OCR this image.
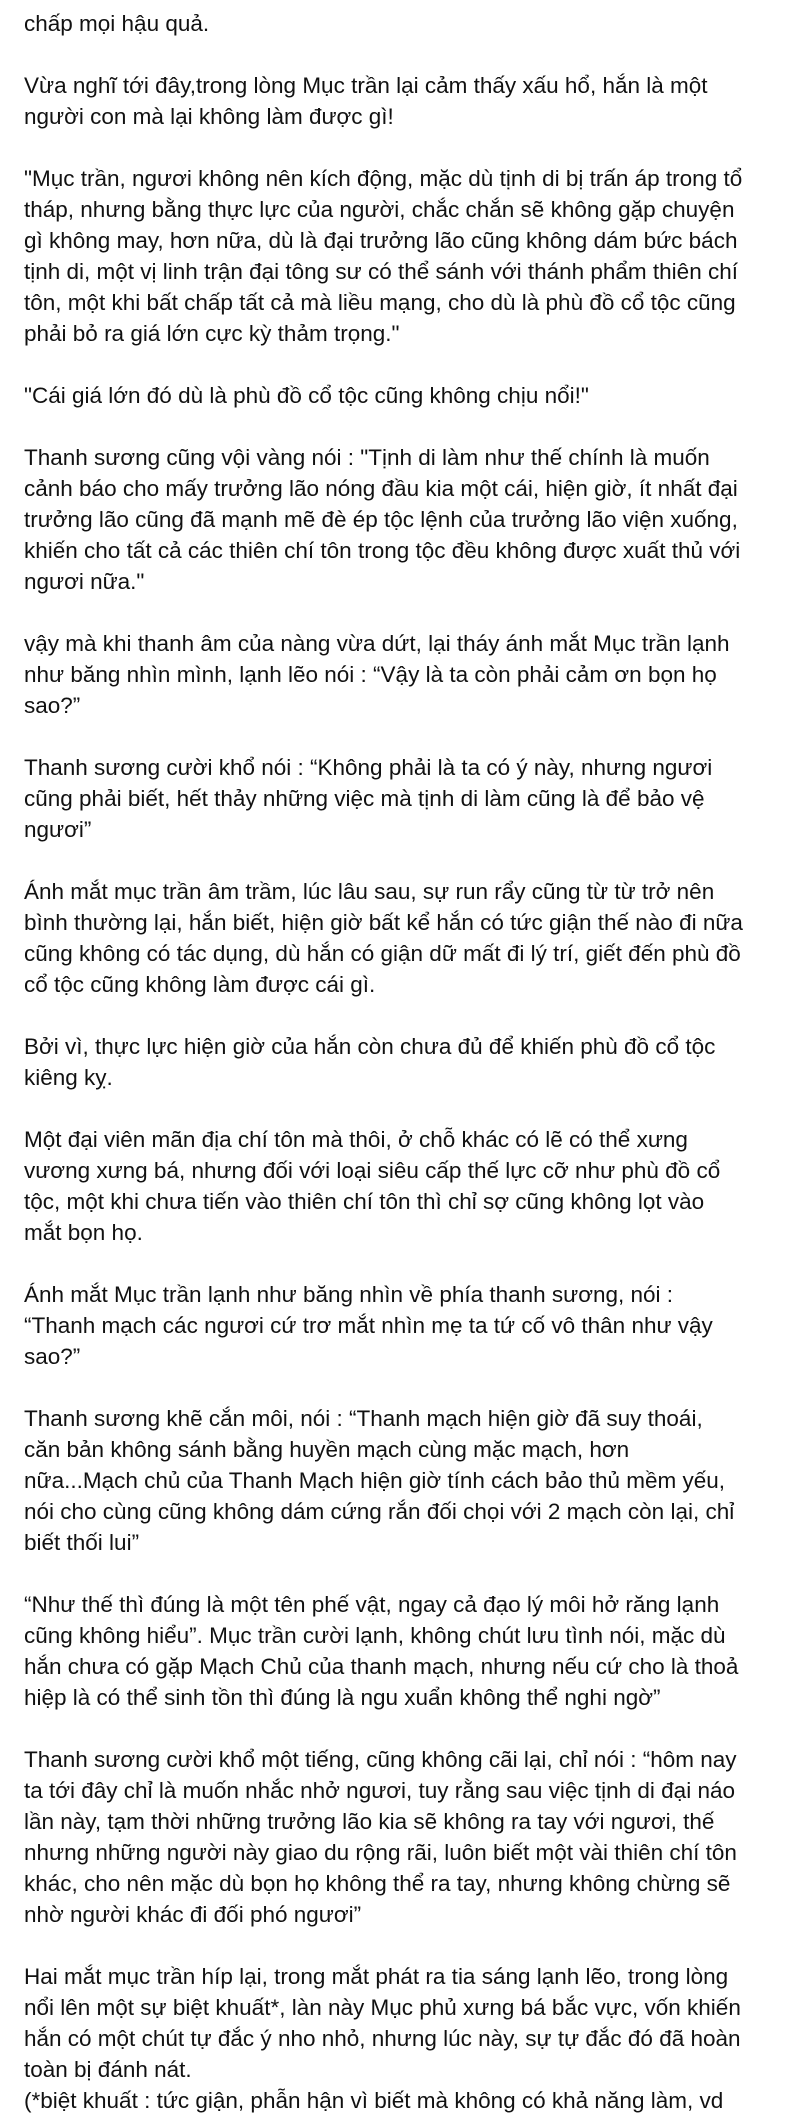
chấp mọi hậu quả.

Vừa nghĩ tới đây,trong lòng Mục trần lại cảm thấy xấu hổ, hắn là một
người con mà lại không làm được gì!

"Mục trần, ngươi không nên kích động, mặc dù tịnh di bị trấn áp trong tổ
tháp, nhưng bằng thực lực của người, chắc chắn sẽ không gặp chuyện
gì không may, hơn nữa, dù là đại trưởng lão cũng không dám bức bách
tịnh di, một vị linh trận đại tông sư có thể sánh với thánh phẩm thiên chí
tôn, một khi bất chấp tất cả mà liều mạng, cho dù là phù đồ cổ tộc cũng
phải bỏ ra giá lớn cực kỳ thảm trọng."

"Cái giá lớn đó dù là phù đồ cổ tộc cũng không chịu nổi!"

Thanh sương cũng vội vàng nói : "Tịnh di làm như thế chính là muốn
cảnh báo cho mấy trưởng lão nóng đầu kia một cái, hiện giờ, ít nhất đại
trưởng lão cũng đã mạnh mẽ đè ép tộc lệnh của trưởng lão viện xuống,
khiến cho tất cả các thiên chí tôn trong tộc đều không được xuất thủ với
ngươi nữa."

vậy mà khi thanh âm của nàng vừa dứt, lại tháy ánh mắt Mục trần lạnh
như băng nhìn mình, lạnh lẽo nói : “Vậy là ta còn phải cảm ơn bọn họ
sao?”

Thanh sương cười khổ nói : “Không phải là ta có ý này, nhưng ngươi
cũng phải biết, hết thảy những việc mà tịnh di làm cũng là để bảo vệ
ngươi”

Ánh mắt mục trần âm trầm, lúc lâu sau, sự run rẩy cũng từ từ trở nên
bình thường lại, hắn biết, hiện giờ bất kể hắn có tức giận thế nào đi nữa
cũng không có tác dụng, dù hắn có giận dữ mất đi lý trí, giết đến phù đồ
cổ tộc cũng không làm được cái gì.

Bởi vì, thực lực hiện giờ của hắn còn chưa đủ để khiến phù đồ cổ tộc
kiêng kỵ.

Một đại viên mãn địa chí tôn mà thôi, ở chỗ khác có lẽ có thể xưng
vương xưng bá, nhưng đối với loại siêu cấp thế lực cỡ như phù đồ cổ
tộc, một khi chưa tiến vào thiên chí tôn thì chỉ sợ cũng không lọt vào
mắt bọn họ.

Ánh mắt Mục trần lạnh như băng nhìn về phía thanh sương, nói :
“Thanh mạch các ngươi cứ trơ mắt nhìn mẹ ta tứ cố vô thân như vậy
sao?”

Thanh sương khẽ cắn môi, nói : “Thanh mạch hiện giờ đã suy thoái,
căn bản không sánh bằng huyền mạch cùng mặc mạch, hơn
nữa...Mạch chủ của Thanh Mạch hiện giờ tính cách bảo thủ mềm yếu,
nói cho cùng cũng không dám cứng rắn đối chọi với 2 mạch còn lại, chỉ
biết thối lui”

“Như thế thì đúng là một tên phế vật, ngay cả đạo lý môi hở răng lạnh
cũng không hiểu”. Mục trần cười lạnh, không chút lưu tình nói, mặc dù
hắn chưa có gặp Mạch Chủ của thanh mạch, nhưng nếu cứ cho là thoả
hiệp là có thể sinh tồn thì đúng là ngu xuẩn không thể nghi ngờ”

Thanh sương cười khổ một tiếng, cũng không cãi lại, chỉ nói : “hôm nay
ta tới đây chỉ là muốn nhắc nhở ngươi, tuy rằng sau việc tịnh di đại náo
lần này, tạm thời những trưởng lão kia sẽ không ra tay với ngươi, thế
nhưng những người này giao du rộng rãi, luôn biết một vài thiên chí tôn
khác, cho nên mặc dù bọn họ không thể ra tay, nhưng không chừng sẽ
nhờ người khác đi đối phó ngươi”

Hai mắt mục trần híp lại, trong mắt phát ra tia sáng lạnh lẽo, trong lòng
nổi lên một sự biệt khuất*, làn này Mục phủ xưng bá bắc vực, vốn khiến
hắn có một chút tự đắc ý nho nhỏ, nhưng lúc này, sự tự đắc đó đã hoàn
toàn bị đánh nát.

(*biệt khuất : tức giận, phẫn hận vì biết mà không có khả năng làm, vd
